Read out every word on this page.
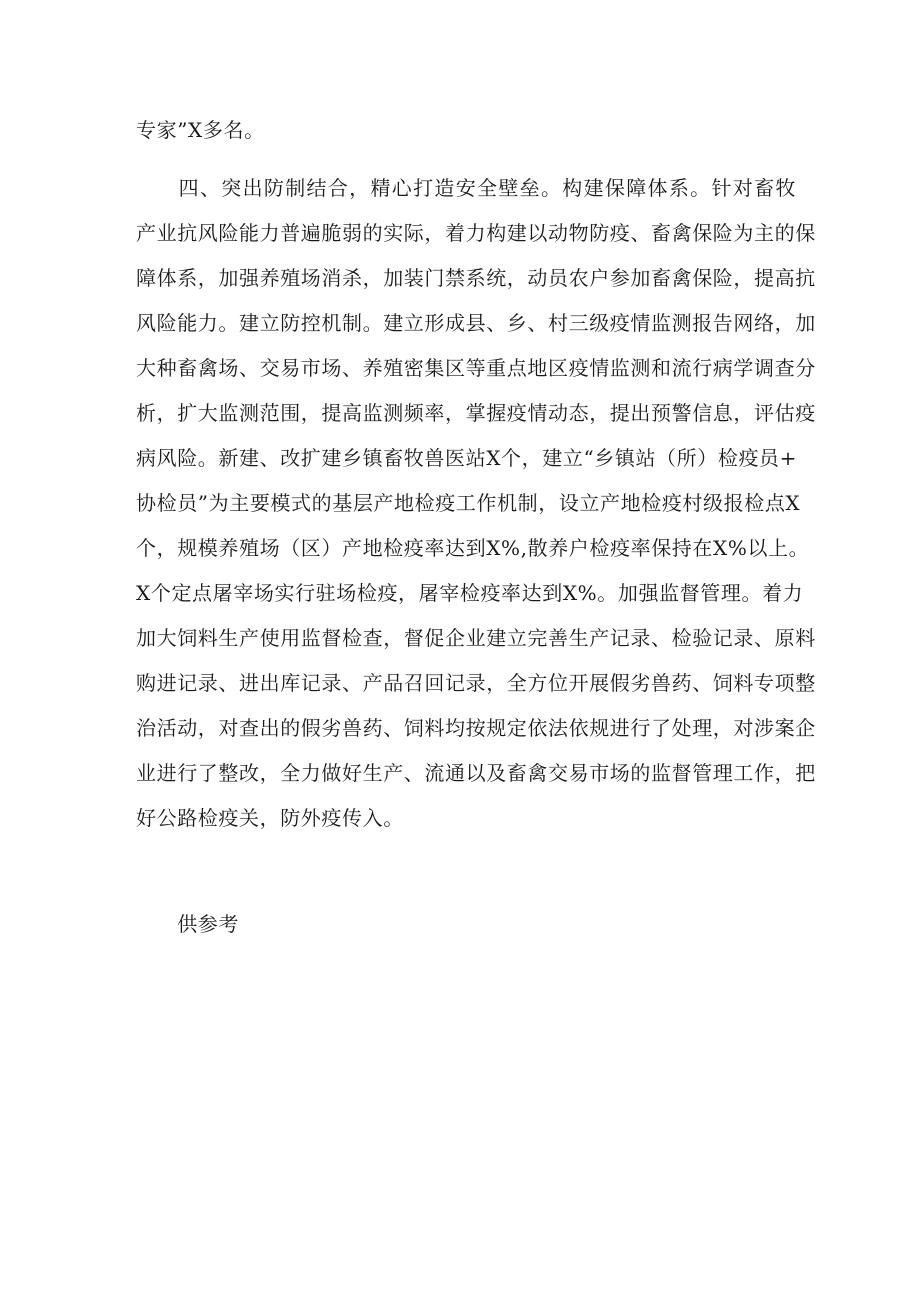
专家”X多名。
　　四、突出防制结合，精心打造安全壁垒。构建保障体系。针对畜牧
产业抗风险能力普遍脆弱的实际，着力构建以动物防疫、畜禽保险为主的保
障体系，加强养殖场消杀，加装门禁系统，动员农户参加畜禽保险，提高抗
风险能力。建立防控机制。建立形成县、乡、村三级疫情监测报告网络，加
大种畜禽场、交易市场、养殖密集区等重点地区疫情监测和流行病学调查分
析，扩大监测范围，提高监测频率，掌握疫情动态，提出预警信息，评估疫
病风险。新建、改扩建乡镇畜牧兽医站X个，建立“乡镇站（所）检疫员+
协检员”为主要模式的基层产地检疫工作机制，设立产地检疫村级报检点X
个，规模养殖场（区）产地检疫率达到X%,散养户检疫率保持在X%以上。
X个定点屠宰场实行驻场检疫，屠宰检疫率达到X%。加强监督管理。着力
加大饲料生产使用监督检查，督促企业建立完善生产记录、检验记录、原料
购进记录、进出库记录、产品召回记录，全方位开展假劣兽药、饲料专项整
治活动，对查出的假劣兽药、饲料均按规定依法依规进行了处理，对涉案企
业进行了整改，全力做好生产、流通以及畜禽交易市场的监督管理工作，把
好公路检疫关，防外疫传入。
　　供参考
